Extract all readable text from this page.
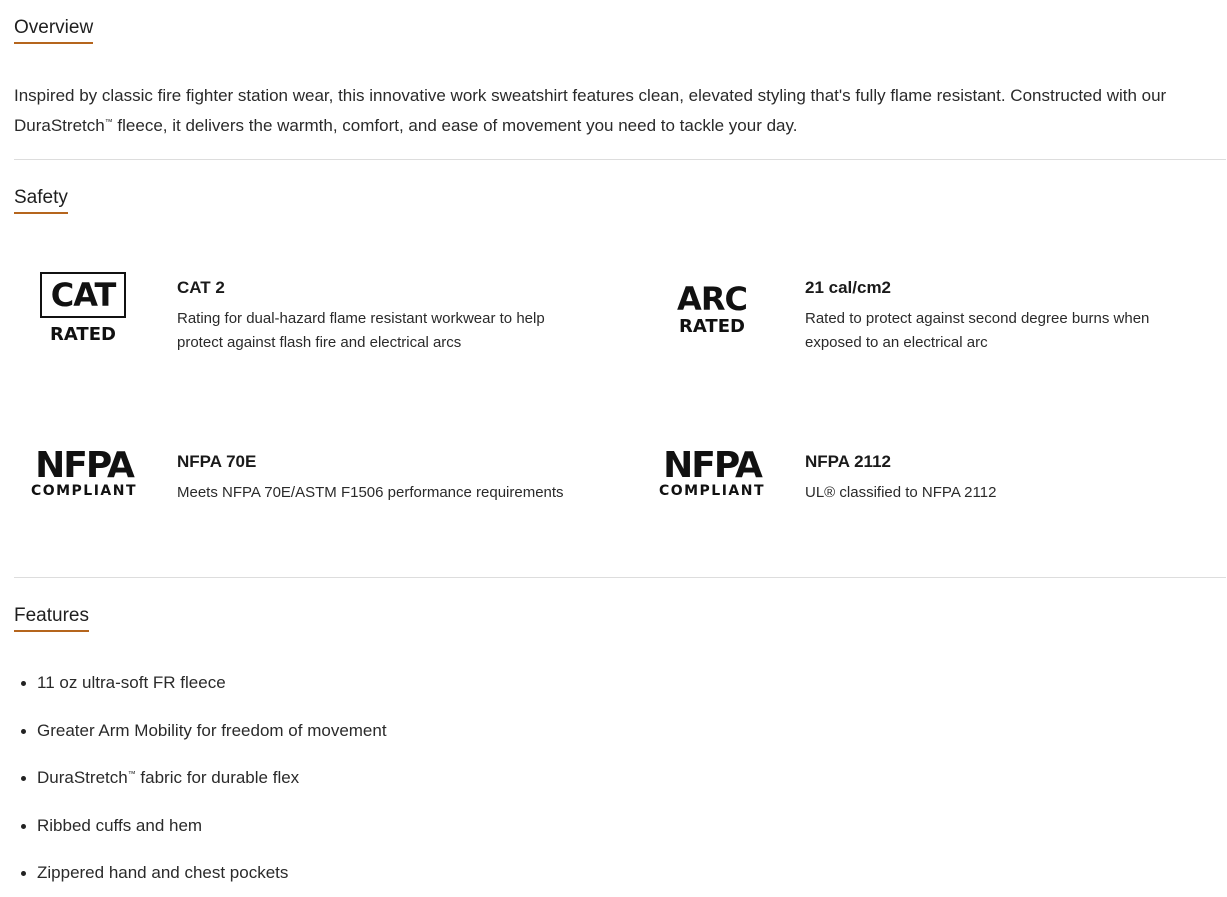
Overview

Inspired by classic fire fighter station wear, this innovative work sweatshirt features clean, elevated styling that's fully flame resistant. Constructed with our DuraStretch™ fleece, it delivers the warmth, comfort, and ease of movement you need to tackle your day.

Safety

CAT

RATED

CAT 2

Rating for dual-hazard flame resistant workwear to help protect against flash fire and electrical arcs

ARC

RATED

21 cal/cm2

Rated to protect against second degree burns when exposed to an electrical arc

NFPA

COMPLIANT

NFPA 70E

Meets NFPA 70E/ASTM F1506 performance requirements

NFPA

COMPLIANT

NFPA 2112

UL® classified to NFPA 2112

Features
11 oz ultra-soft FR fleece
Greater Arm Mobility for freedom of movement
DuraStretch™ fabric for durable flex
Ribbed cuffs and hem
Zippered hand and chest pockets
